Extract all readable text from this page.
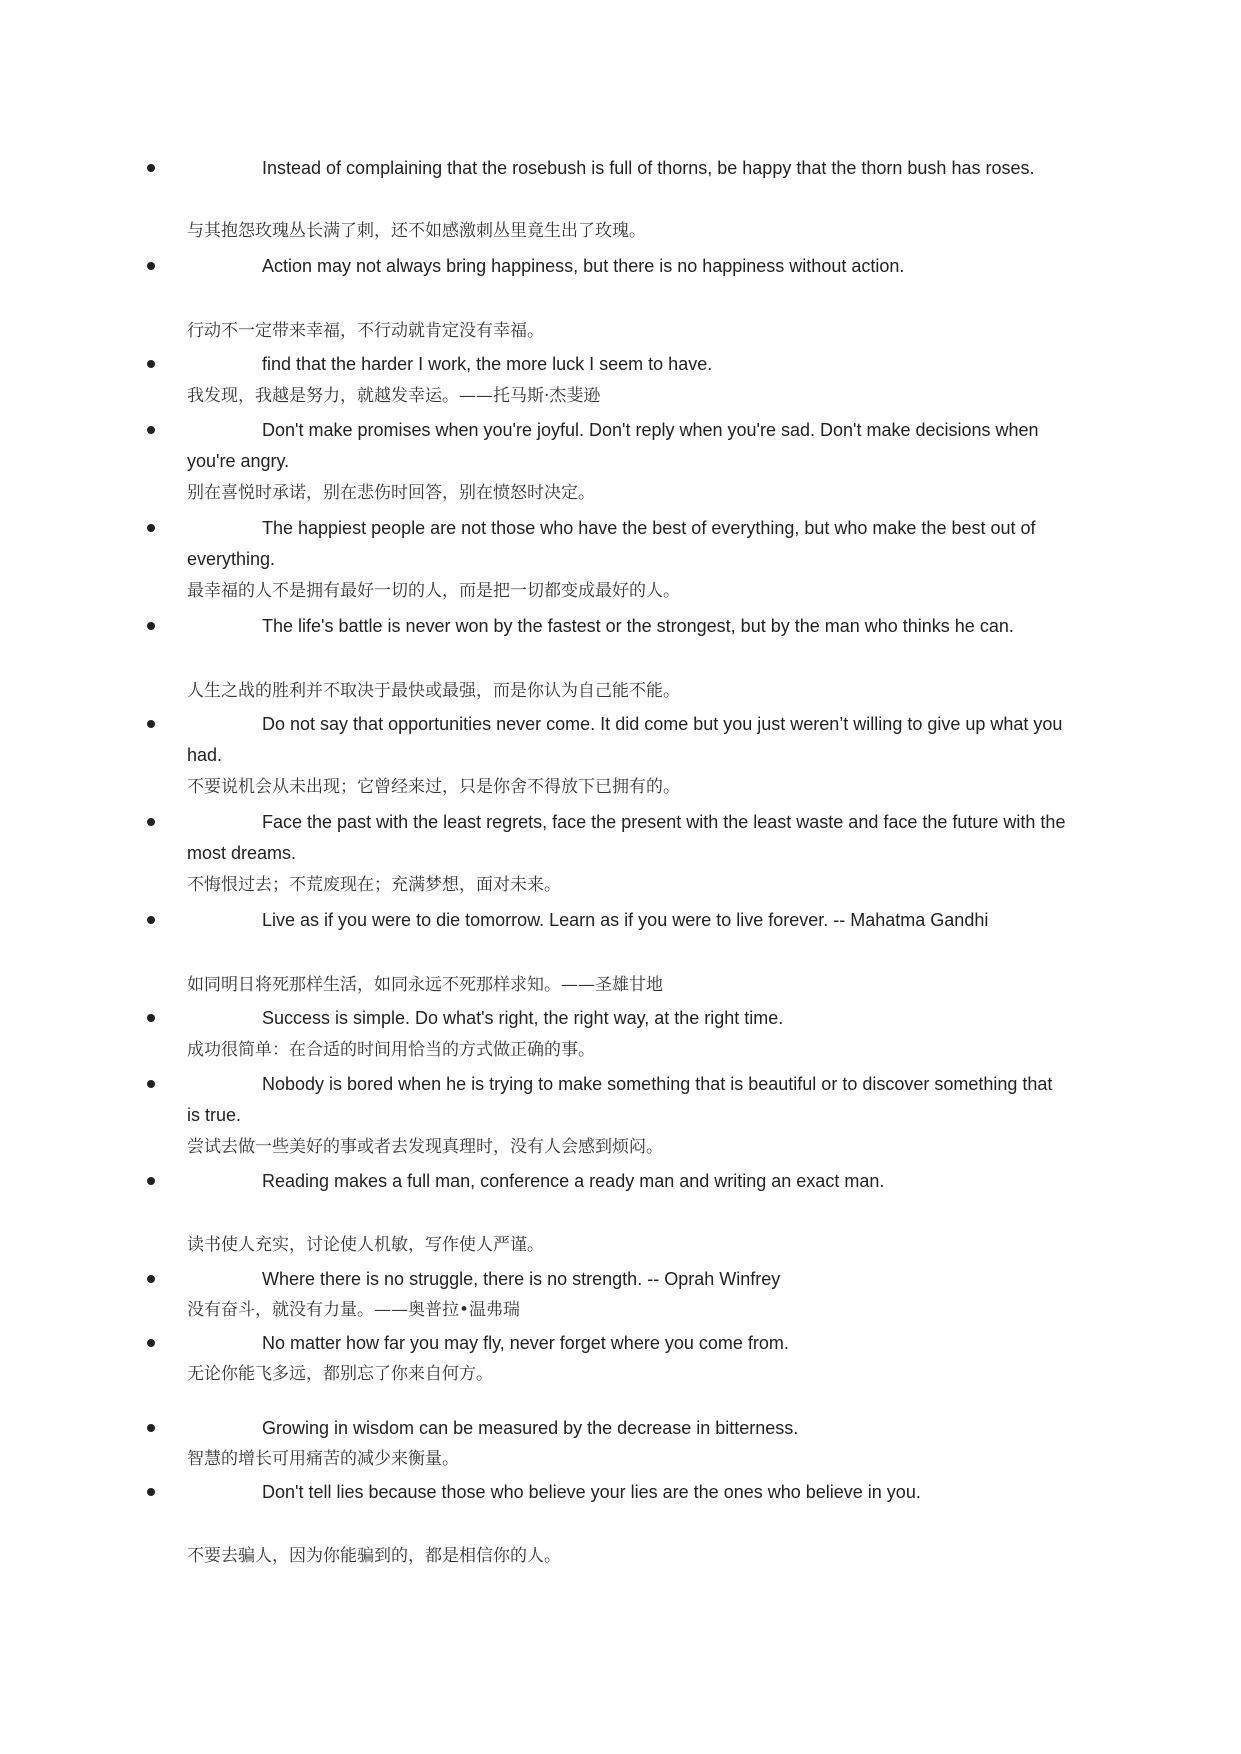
Instead of complaining that the rosebush is full of thorns, be happy that the thorn bush has roses.
与其抱怨玫瑰丛长满了刺，还不如感激刺丛里竟生出了玫瑰。
Action may not always bring happiness, but there is no happiness without action.
行动不一定带来幸福，不行动就肯定没有幸福。
find that the harder I work, the more luck I seem to have.
我发现，我越是努力，就越发幸运。——托马斯·杰斐逊
Don't make promises when you're joyful. Don't reply when you're sad. Don't make decisions when you're angry.
别在喜悦时承诺，别在悲伤时回答，别在愤怒时决定。
The happiest people are not those who have the best of everything, but who make the best out of everything.
最幸福的人不是拥有最好一切的人，而是把一切都变成最好的人。
The life's battle is never won by the fastest or the strongest, but by the man who thinks he can.
人生之战的胜利并不取决于最快或最强，而是你认为自己能不能。
Do not say that opportunities never come. It did come but you just weren’t willing to give up what you had.
不要说机会从未出现；它曾经来过，只是你舍不得放下已拥有的。
Face the past with the least regrets, face the present with the least waste and face the future with the most dreams.
不悔恨过去；不荒废现在；充满梦想，面对未来。
Live as if you were to die tomorrow. Learn as if you were to live forever. -- Mahatma Gandhi
如同明日将死那样生活，如同永远不死那样求知。——圣雄甘地
Success is simple. Do what's right, the right way, at the right time.
成功很简单：在合适的时间用恰当的方式做正确的事。
Nobody is bored when he is trying to make something that is beautiful or to discover something that is true.
尝试去做一些美好的事或者去发现真理时，没有人会感到烦闷。
Reading makes a full man, conference a ready man and writing an exact man.
读书使人充实，讨论使人机敏，写作使人严谨。
Where there is no struggle, there is no strength. -- Oprah Winfrey
没有奋斗，就没有力量。——奥普拉•温弗瑞
No matter how far you may fly, never forget where you come from.
无论你能飞多远，都别忘了你来自何方。
Growing in wisdom can be measured by the decrease in bitterness.
智慧的增长可用痛苦的减少来衡量。
Don't tell lies because those who believe your lies are the ones who believe in you.
不要去骗人，因为你能骗到的，都是相信你的人。
